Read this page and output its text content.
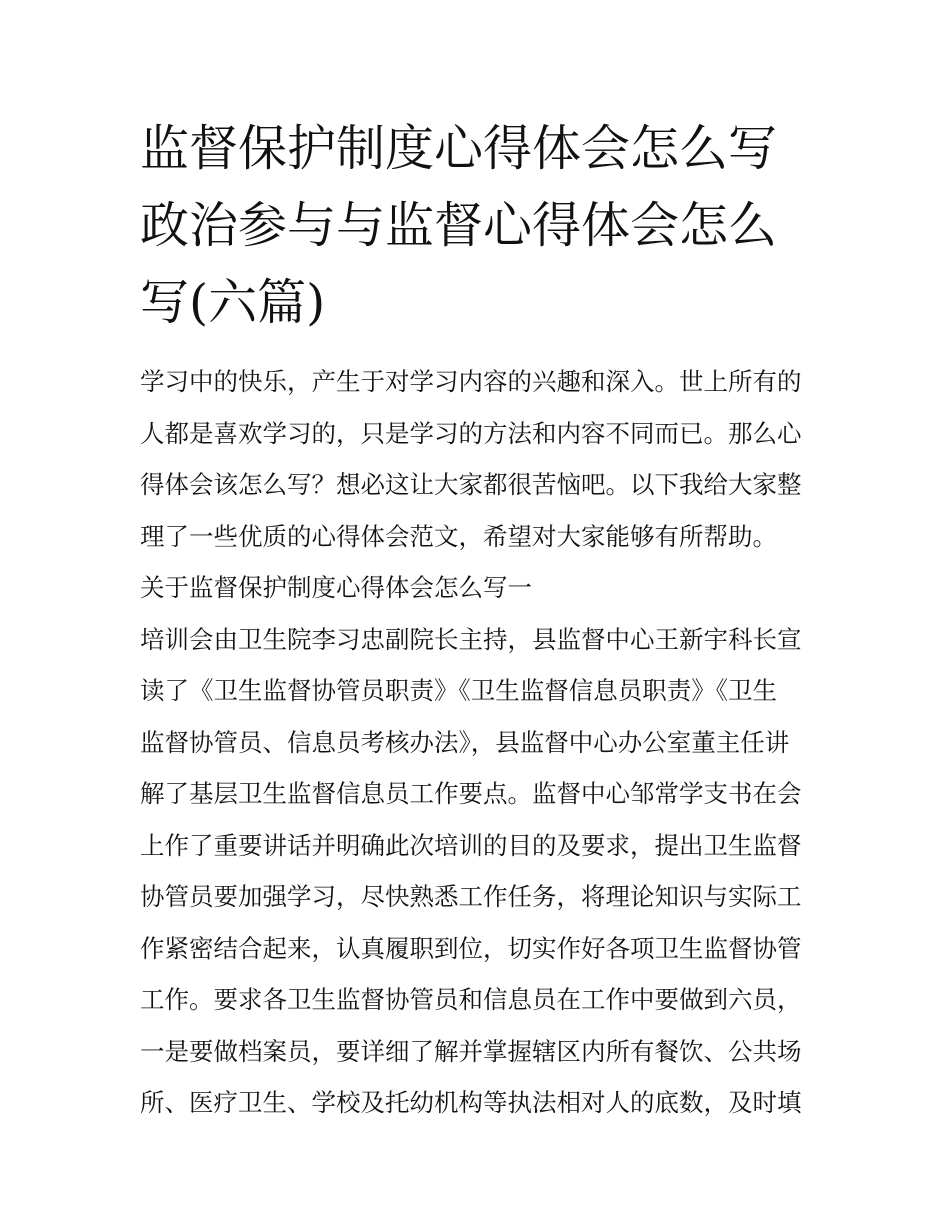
监督保护制度心得体会怎么写
政治参与与监督心得体会怎么
写(六篇)
学习中的快乐，产生于对学习内容的兴趣和深入。世上所有的
人都是喜欢学习的，只是学习的方法和内容不同而已。那么心
得体会该怎么写？想必这让大家都很苦恼吧。以下我给大家整
理了一些优质的心得体会范文，希望对大家能够有所帮助。
关于监督保护制度心得体会怎么写一
培训会由卫生院李习忠副院长主持，县监督中心王新宇科长宣
读了《卫生监督协管员职责》《卫生监督信息员职责》《卫生
监督协管员、信息员考核办法》，县监督中心办公室董主任讲
解了基层卫生监督信息员工作要点。监督中心邹常学支书在会
上作了重要讲话并明确此次培训的目的及要求，提出卫生监督
协管员要加强学习，尽快熟悉工作任务，将理论知识与实际工
作紧密结合起来，认真履职到位，切实作好各项卫生监督协管
工作。要求各卫生监督协管员和信息员在工作中要做到六员，
一是要做档案员，要详细了解并掌握辖区内所有餐饮、公共场
所、医疗卫生、学校及托幼机构等执法相对人的底数，及时填
